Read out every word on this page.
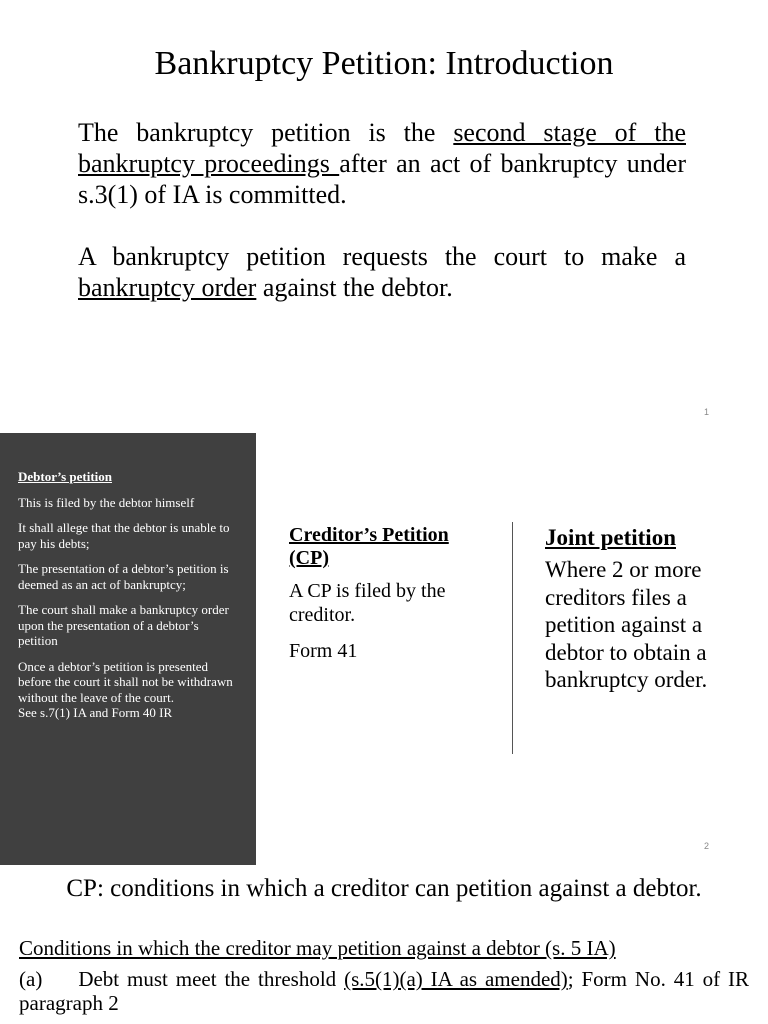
Bankruptcy Petition: Introduction

The bankruptcy petition is the second stage of the bankruptcy proceedings after an act of bankruptcy under s.3(1) of IA is committed.

A bankruptcy petition requests the court to make a bankruptcy order against the debtor.

1

Debtor’s petition

This is filed by the debtor himself

It shall allege that the debtor is unable to pay his debts;

The presentation of a debtor’s petition is deemed as an act of bankruptcy;

The court shall make a bankruptcy order upon the presentation of a debtor’s petition

Once a debtor’s petition is presented before the court it shall not be withdrawn without the leave of the court.

See s.7(1) IA and Form 40 IR

Creditor’s Petition (CP)

A CP is filed by the creditor.

Form 41

Joint petition

Where 2 or more creditors files a petition against a debtor to obtain a bankruptcy order.

2
CP: conditions in which a creditor can petition against a debtor.
Conditions in which the creditor may petition against a debtor (s. 5 IA)
(a) Debt must meet the threshold (s.5(1)(a) IA as amended); Form No. 41 of IR paragraph 2
